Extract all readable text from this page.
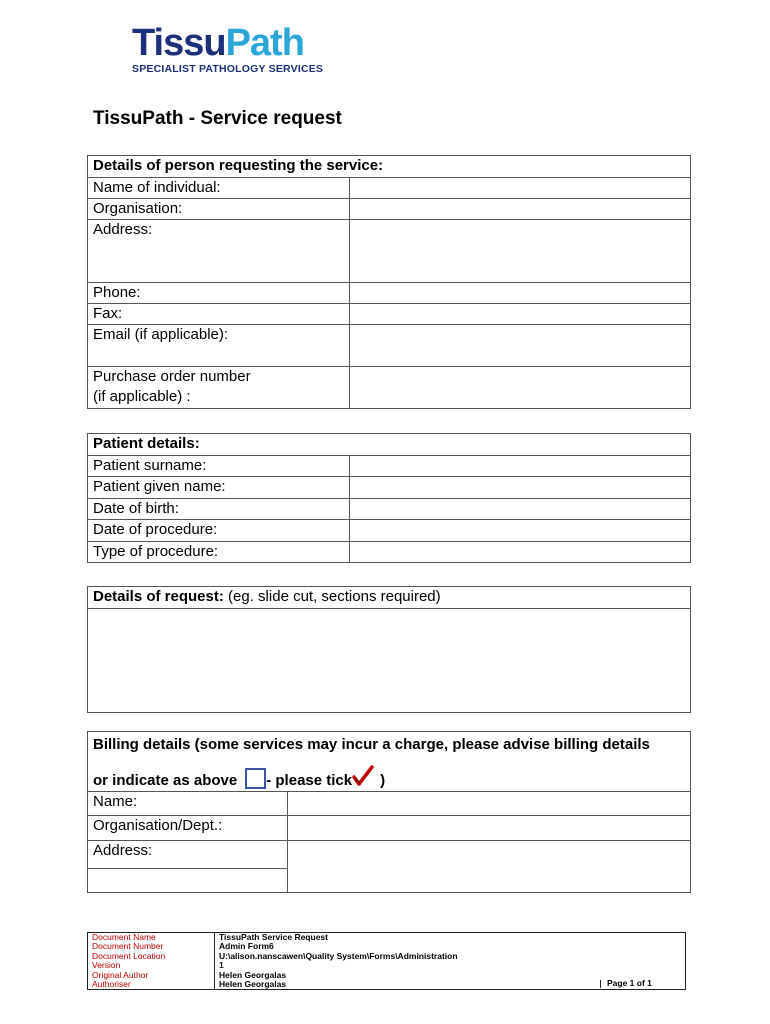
TissuPath
SPECIALIST PATHOLOGY SERVICES
TissuPath - Service request
Details of person requesting the service:	
Name of individual:	
Organisation:	
Address:	
Phone:	
Fax:	
Email (if applicable):	

Purchase order number
(if applicable) :	

Patient details:	
Patient surname:	
Patient given name:	
Date of birth:	
Date of procedure:	
Type of procedure:	
Details of request: (eg. slide cut, sections required)

Billing details (some services may incur a charge, please advise billing details
or indicate as above - please tick )	

Name:	
Organisation/Dept.:	
Address:	

Document Name	TissuPath Service Request
Document Number	Admin Form6
Document Location	U:\alison.nanscawen\Quality System\Forms\Administration
Version	1
Original Author	Helen Georgalas
Authoriser	Helen Georgalas Page 1 of 1
